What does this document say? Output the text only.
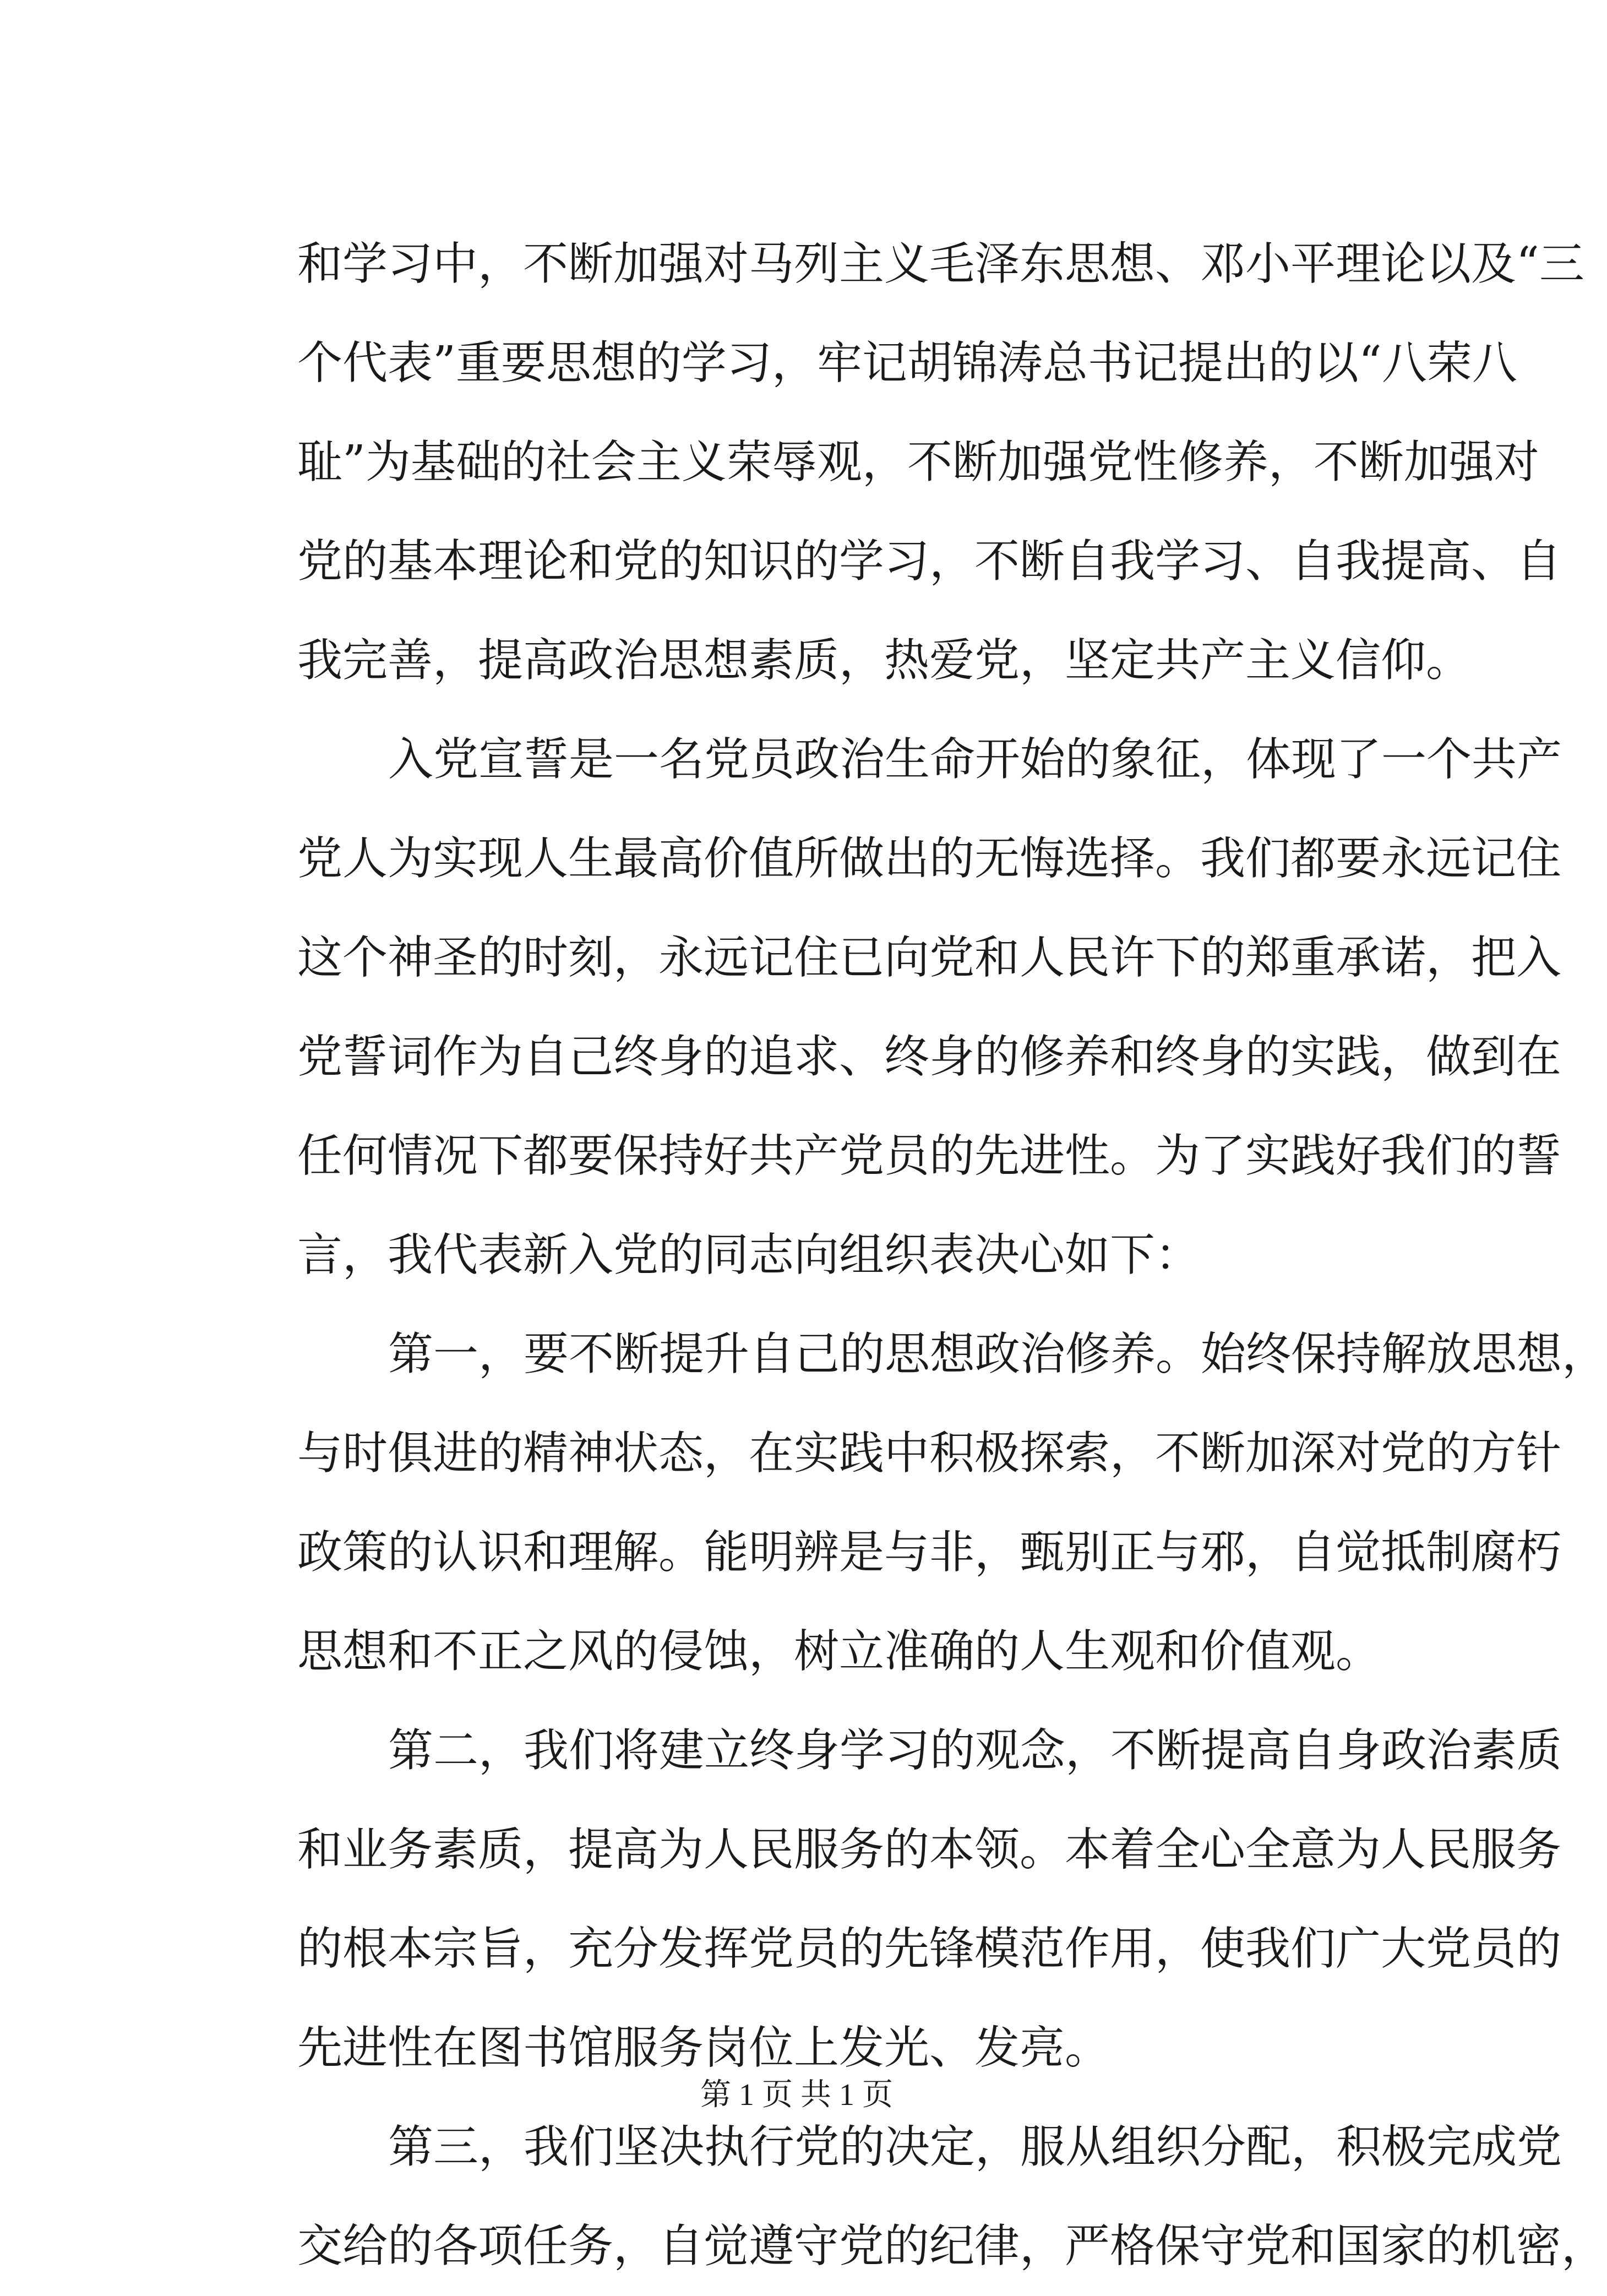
和学习中，不断加强对马列主义毛泽东思想、邓小平理论以及“三
个代表”重要思想的学习，牢记胡锦涛总书记提出的以“八荣八
耻”为基础的社会主义荣辱观，不断加强党性修养，不断加强对
党的基本理论和党的知识的学习，不断自我学习、自我提高、自
我完善，提高政治思想素质，热爱党，坚定共产主义信仰。
入党宣誓是一名党员政治生命开始的象征，体现了一个共产
党人为实现人生最高价值所做出的无悔选择。我们都要永远记住
这个神圣的时刻，永远记住已向党和人民许下的郑重承诺，把入
党誓词作为自己终身的追求、终身的修养和终身的实践，做到在
任何情况下都要保持好共产党员的先进性。为了实践好我们的誓
言，我代表新入党的同志向组织表决心如下：
第一，要不断提升自己的思想政治修养。始终保持解放思想，
与时俱进的精神状态，在实践中积极探索，不断加深对党的方针
政策的认识和理解。能明辨是与非，甄别正与邪，自觉抵制腐朽
思想和不正之风的侵蚀，树立准确的人生观和价值观。
第二，我们将建立终身学习的观念，不断提高自身政治素质
和业务素质，提高为人民服务的本领。本着全心全意为人民服务
的根本宗旨，充分发挥党员的先锋模范作用，使我们广大党员的
先进性在图书馆服务岗位上发光、发亮。
第三，我们坚决执行党的决定，服从组织分配，积极完成党
交给的各项任务，自觉遵守党的纪律，严格保守党和国家的机密，
第 1 页 共 1 页
